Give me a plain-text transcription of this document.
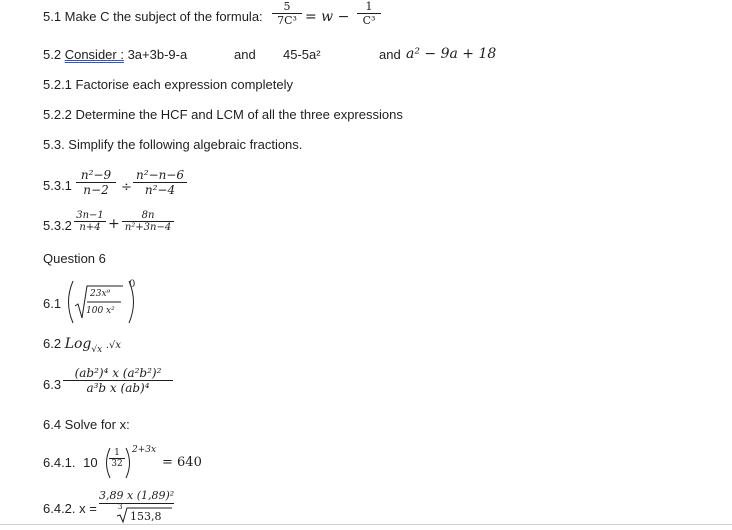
5.1 Make C the subject of the formula:
5
7C³ = w −
1
C³
5.2 Consider : 3a+3b-9-a	and 45-5a²	and a² − 9a + 18
5.2.1 Factorise each expression completely
5.2.2 Determine the HCF and LCM of all the three expressions
5.3. Simplify the following algebraic fractions.
5.3.1
n²−9
n−2 ÷
n²−n−6
n²−4
5.3.2
3n−1
n+4 +
8n
n²+3n−4
Question 6
6.1
23x⁹
100 x²
0
6.2 Log$_{√x}$ .√x
6.3
(ab²)⁴ x (a²b²)²
a³b x (ab)⁴
6.4 Solve for x:
6.4.1. 10
1
32
2+3x
= 640
6.4.2. x =
3,89 x (1,89)²
3
153,8
